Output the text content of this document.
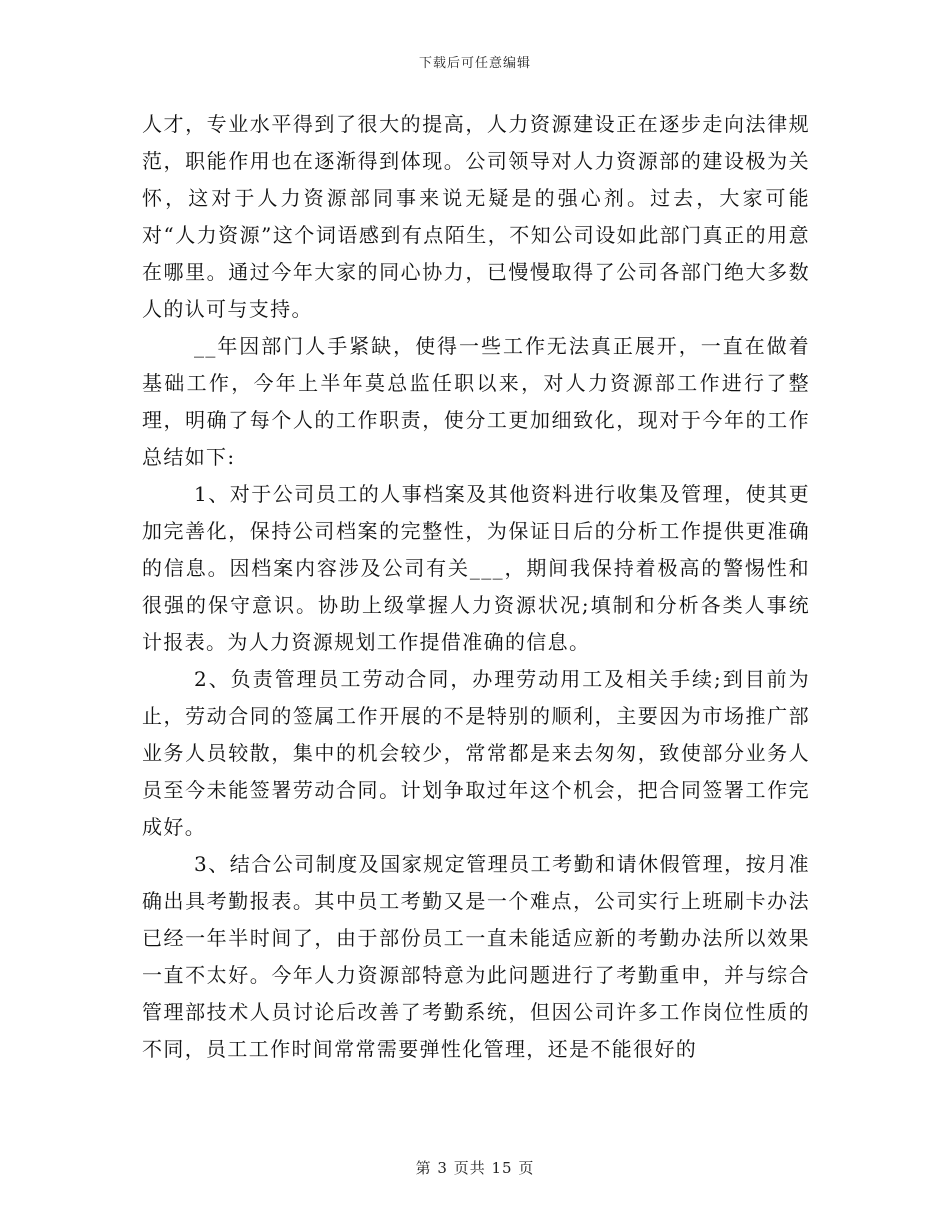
下载后可任意编辑

人才，专业水平得到了很大的提高，人力资源建设正在逐步走向法律规范，职能作用也在逐渐得到体现。公司领导对人力资源部的建设极为关怀，这对于人力资源部同事来说无疑是的强心剂。过去，大家可能对“人力资源”这个词语感到有点陌生，不知公司设如此部门真正的用意在哪里。通过今年大家的同心协力，已慢慢取得了公司各部门绝大多数人的认可与支持。

__年因部门人手紧缺，使得一些工作无法真正展开，一直在做着基础工作，今年上半年莫总监任职以来，对人力资源部工作进行了整理，明确了每个人的工作职责，使分工更加细致化，现对于今年的工作总结如下:

1、对于公司员工的人事档案及其他资料进行收集及管理，使其更加完善化，保持公司档案的完整性，为保证日后的分析工作提供更准确的信息。因档案内容涉及公司有关___，期间我保持着极高的警惕性和很强的保守意识。协助上级掌握人力资源状况;填制和分析各类人事统计报表。为人力资源规划工作提借准确的信息。

2、负责管理员工劳动合同，办理劳动用工及相关手续;到目前为止，劳动合同的签属工作开展的不是特别的顺利，主要因为市场推广部业务人员较散，集中的机会较少，常常都是来去匆匆，致使部分业务人员至今未能签署劳动合同。计划争取过年这个机会，把合同签署工作完成好。

3、结合公司制度及国家规定管理员工考勤和请休假管理，按月准确出具考勤报表。其中员工考勤又是一个难点，公司实行上班刷卡办法已经一年半时间了，由于部份员工一直未能适应新的考勤办法所以效果一直不太好。今年人力资源部特意为此问题进行了考勤重申，并与综合管理部技术人员讨论后改善了考勤系统，但因公司许多工作岗位性质的不同，员工工作时间常常需要弹性化管理，还是不能很好的

第 3 页共 15 页
